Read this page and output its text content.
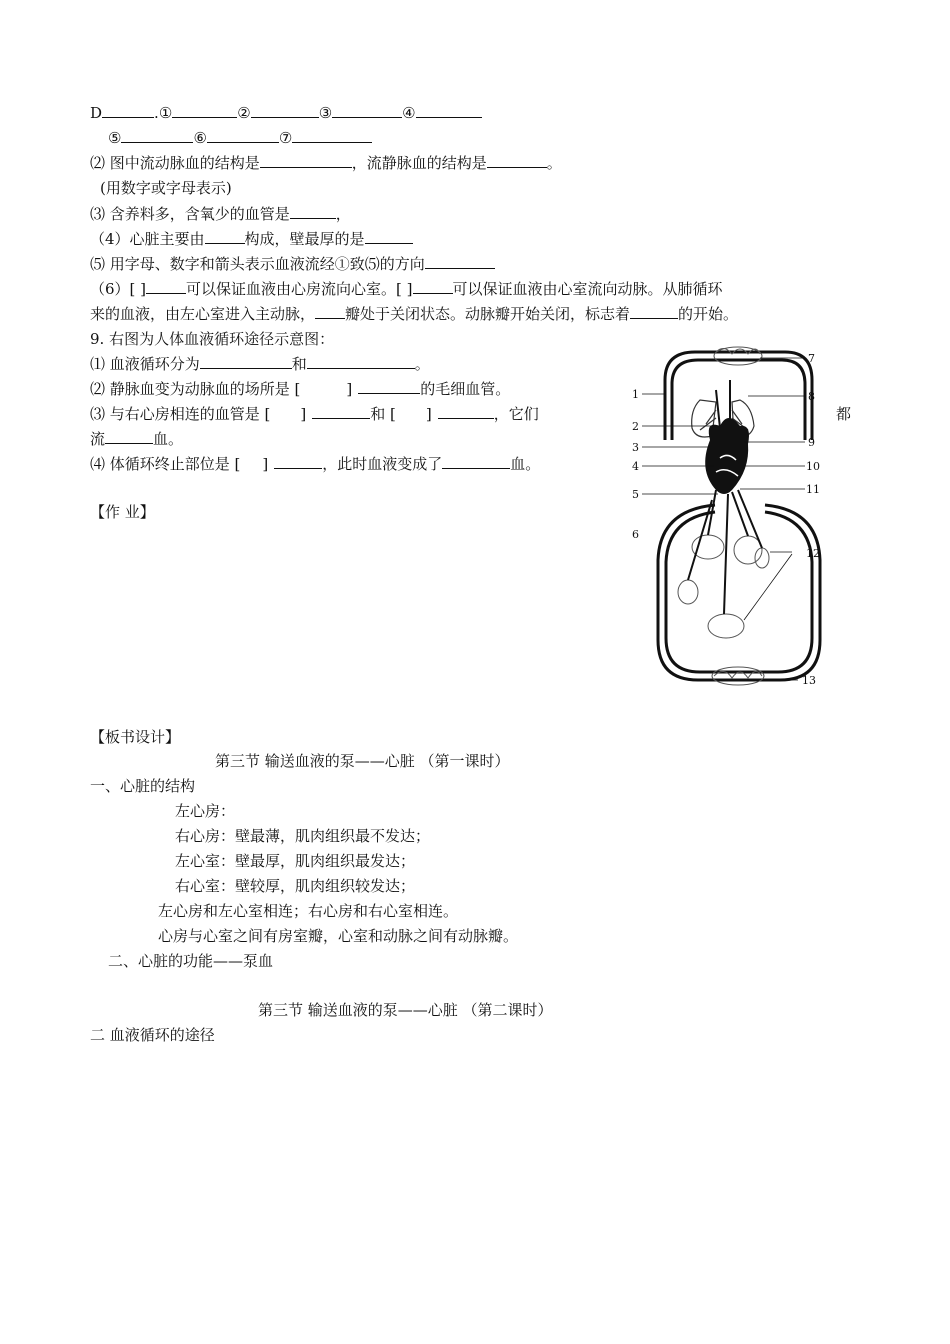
D	.①	②	③	④
⑤	⑥	⑦
⑵ 图中流动脉血的结构是	，流静脉血的结构是	。
(用数字或字母表示)
⑶ 含养料多，含氧少的血管是	，
（4）心脏主要由	构成，壁最厚的是
⑸ 用字母、数字和箭头表示血液流经①致⑸的方向
（6）[ ]	可以保证血液由心房流向心室。[ ]	可以保证血液由心室流向动脉。从肺循环
来的血液，由左心室进入主动脉， 瓣处于关闭状态。动脉瓣开始关闭，标志着	的开始。
9. 右图为人体血液循环途径示意图：
⑴ 血液循环分为	和	。
⑵ 静脉血变为动脉血的场所是 [	]	的毛细血管。
⑶ 与右心房相连的血管是 [ ]	和 [ ]	，它们	都
流	血。
⑷ 体循环终止部位是 [ ]	，此时血液变成了	血。
【作 业】
7
1	8
2
3	9
4	10
5	11
6
12
13
【板书设计】
第三节 输送血液的泵——心脏 （第一课时）
一、心脏的结构
左心房：
右心房：壁最薄，肌肉组织最不发达；
左心室：壁最厚，肌肉组织最发达；
右心室：壁较厚，肌肉组织较发达；
左心房和左心室相连；右心房和右心室相连。
心房与心室之间有房室瓣，心室和动脉之间有动脉瓣。
二、心脏的功能——泵血
第三节 输送血液的泵——心脏 （第二课时）
二 血液循环的途径
